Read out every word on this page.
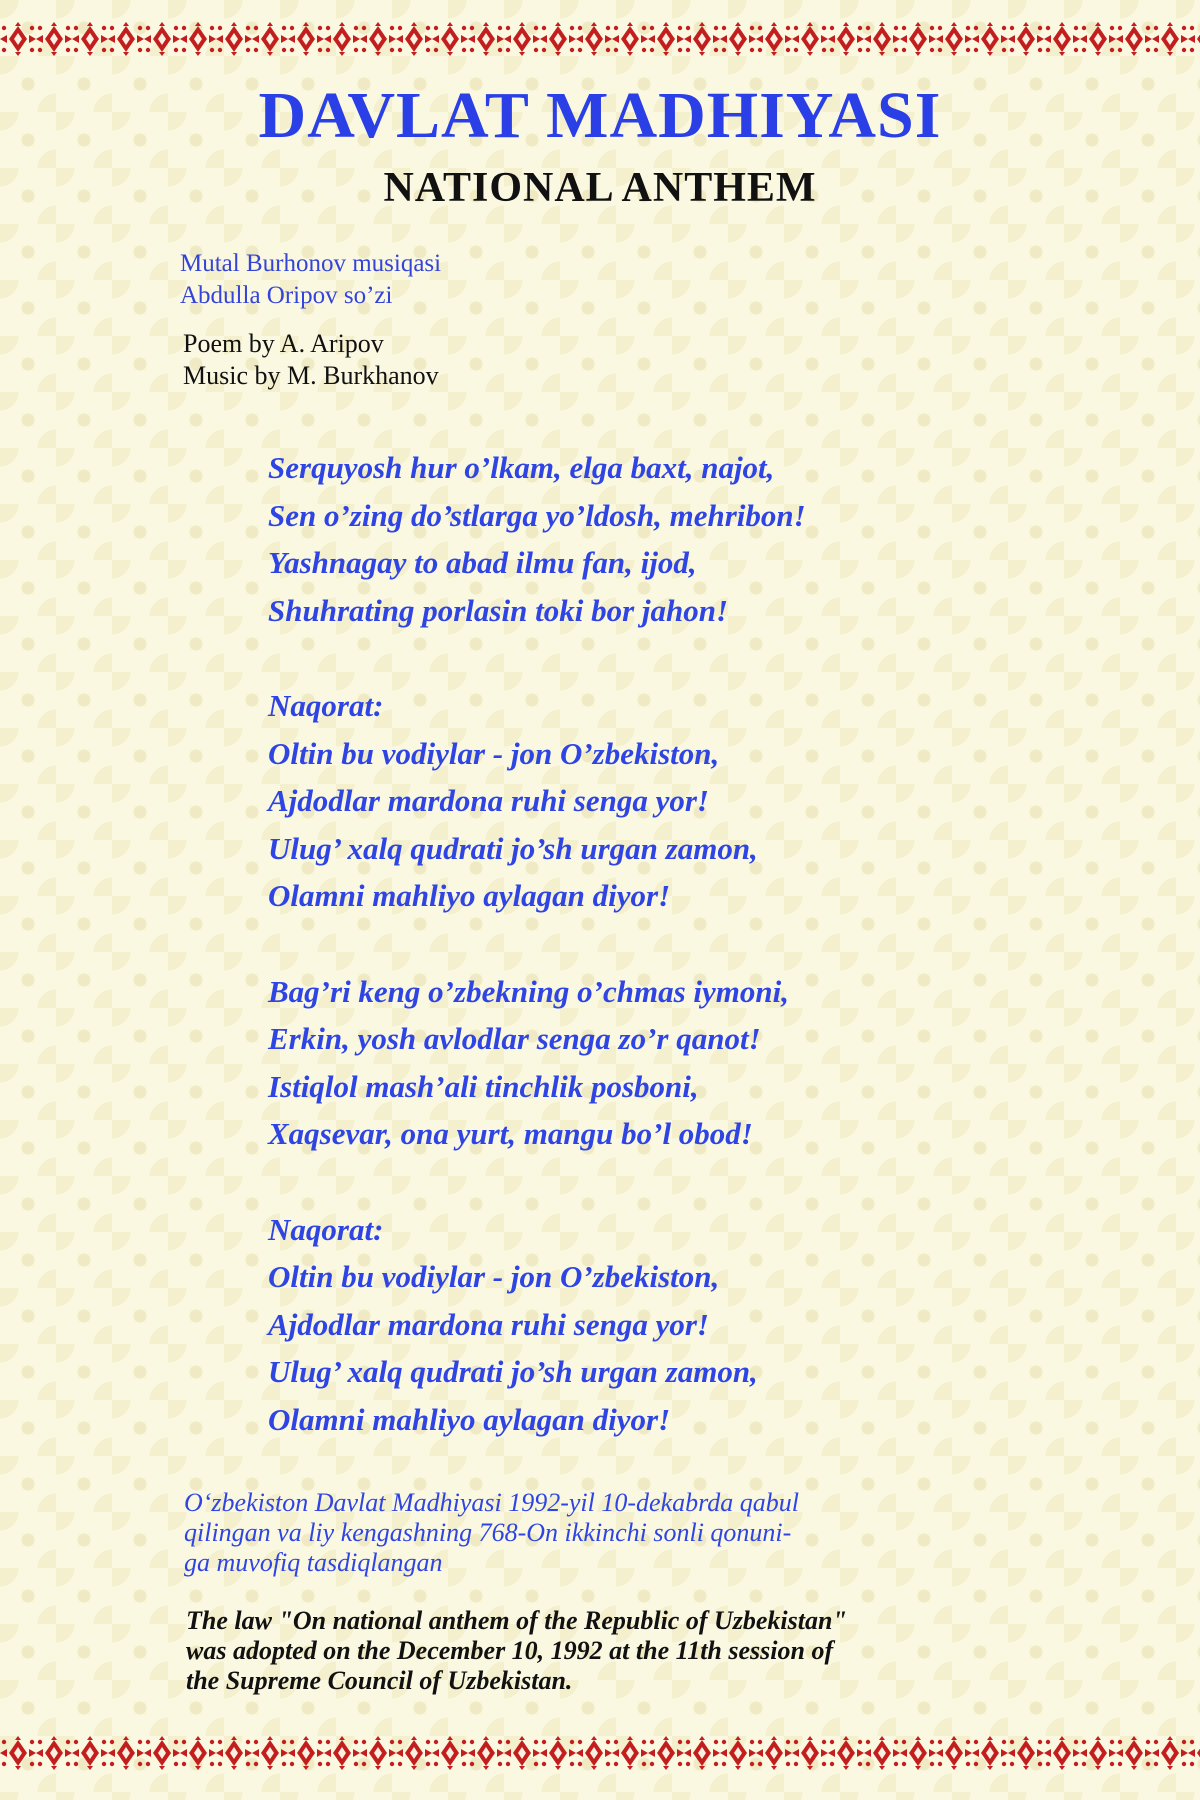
DAVLAT MADHIYASI
NATIONAL ANTHEM
Mutal Burhonov musiqasi
Abdulla Oripov so’zi
Poem by A. Aripov
Music by M. Burkhanov
Serquyosh hur o’lkam, elga baxt, najot,
Sen o’zing do’stlarga yo’ldosh, mehribon!
Yashnagay to abad ilmu fan, ijod,
Shuhrating porlasin toki bor jahon!
Naqorat:
Oltin bu vodiylar - jon O’zbekiston,
Ajdodlar mardona ruhi senga yor!
Ulug’ xalq qudrati jo’sh urgan zamon,
Olamni mahliyo aylagan diyor!
Bag’ri keng o’zbekning o’chmas iymoni,
Erkin, yosh avlodlar senga zo’r qanot!
Istiqlol mash’ali tinchlik posboni,
Xaqsevar, ona yurt, mangu bo’l obod!
Naqorat:
Oltin bu vodiylar - jon O’zbekiston,
Ajdodlar mardona ruhi senga yor!
Ulug’ xalq qudrati jo’sh urgan zamon,
Olamni mahliyo aylagan diyor!
O‘zbekiston Davlat Madhiyasi 1992-yil 10-dekabrda qabul
qilingan va liy kengashning 768-On ikkinchi sonli qonuni-
ga muvofiq tasdiqlangan
The law "On national anthem of the Republic of Uzbekistan"
was adopted on the December 10, 1992 at the 11th session of
the Supreme Council of Uzbekistan.
